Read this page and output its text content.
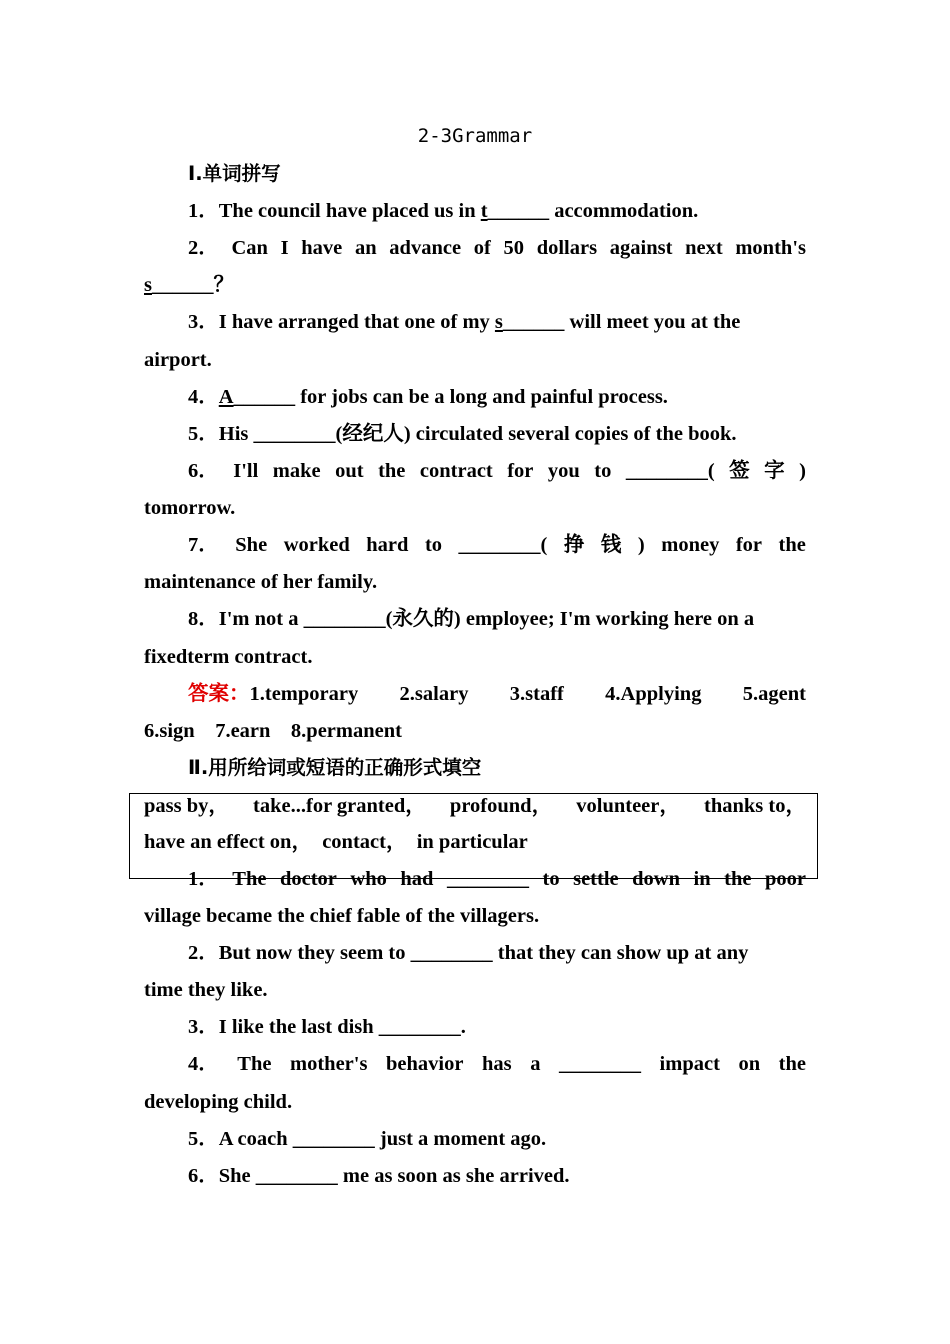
2-3Grammar
Ⅰ.单词拼写
1．The council have placed us in t______ accommodation.
2． Can I have an advance of 50 dollars against next month's
s______？
3．I have arranged that one of my s______ will meet you at the
airport.
4．A______ for jobs can be a long and painful process.
5．His ________(经纪人) circulated several copies of the book.
6． I'll make out the contract for you to ________( 签 字 )
tomorrow.
7． She worked hard to ________( 挣 钱 ) money for the
maintenance of her family.
8．I'm not a ________(永久的) employee; I'm working here on a
fixedterm contract.
答案：1.temporary 2.salary 3.staff 4.Applying 5.agent
6.sign    7.earn    8.permanent
Ⅱ.用所给词或短语的正确形式填空
pass by， take...for granted， profound， volunteer， thanks to，
have an effect on，  contact，  in particular
1． The doctor who had ________ to settle down in the poor
village became the chief fable of the villagers.
2．But now they seem to ________ that they can show up at any
time they like.
3．I like the last dish ________.
4． The mother's behavior has a ________ impact on the
developing child.
5．A coach ________ just a moment ago.
6．She ________ me as soon as she arrived.
